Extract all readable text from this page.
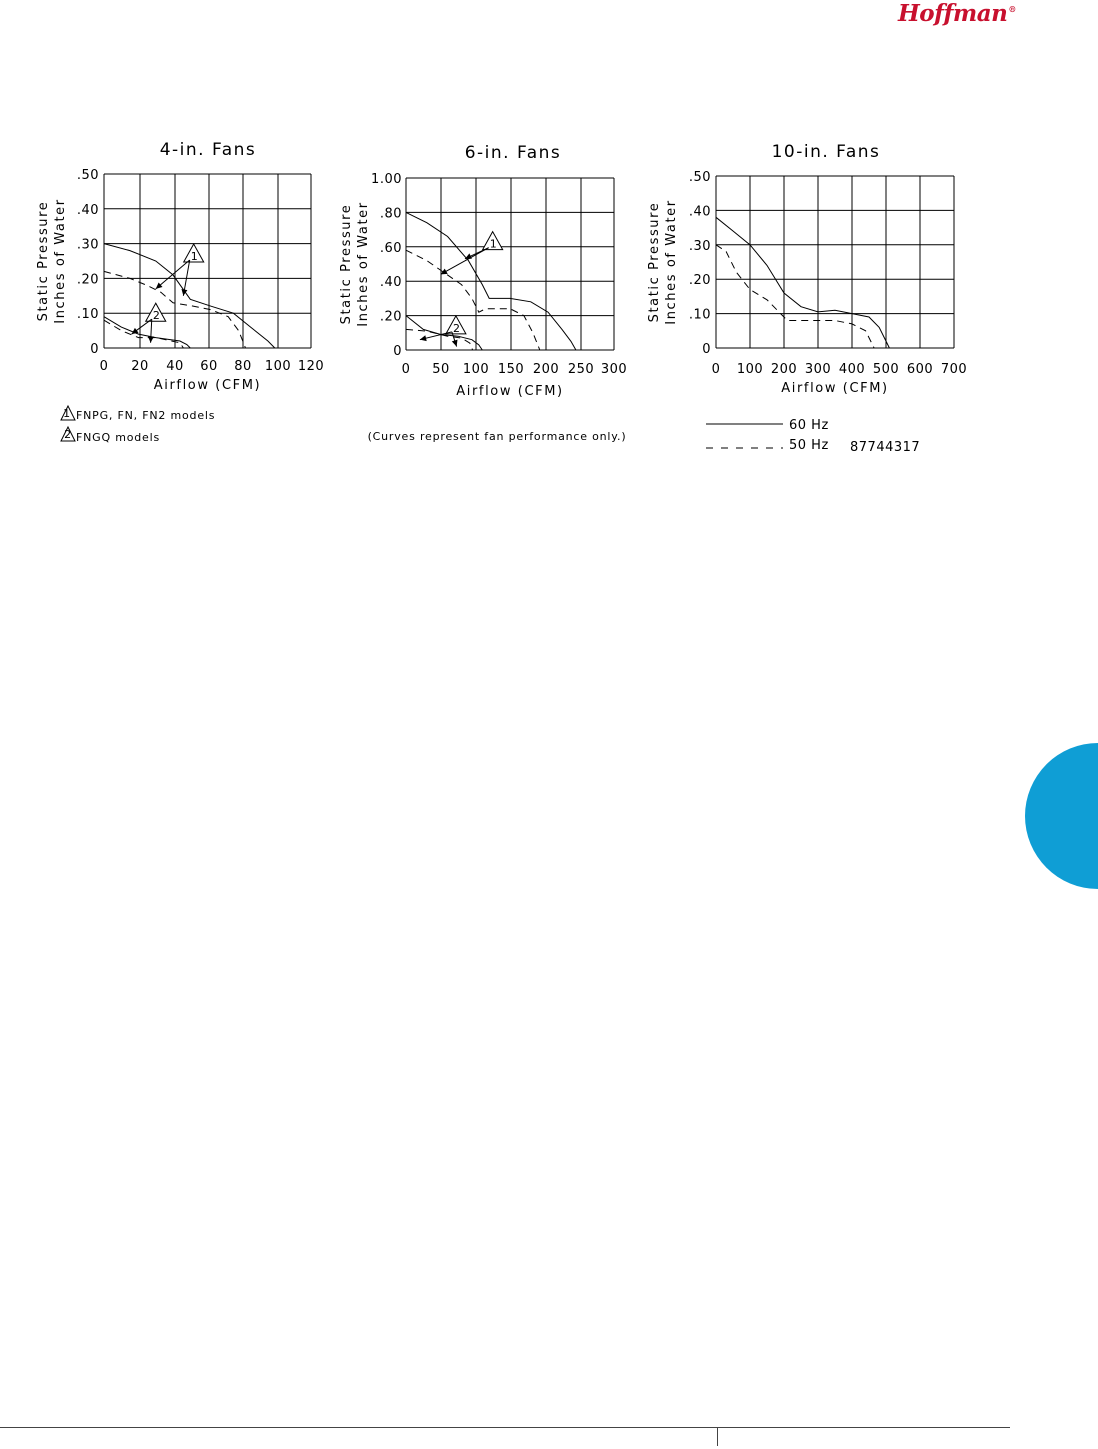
Hoffman®
4-in. Fans
0 20 40 60 80 100 120
0
.10
.20
.30
.40
.50
Airflow (CFM)
Static Pressure Inches of Water	1
2
6-in. Fans
0 50 100 150 200 250 300
0
.20
.40
.60
.80
1.00
Airflow (CFM)
Static Pressure Inches of Water	1
2
10-in. Fans
0 100 200 300 400 500 600 700
0
.10
.20
.30
.40
.50
Airflow (CFM)
Static Pressure Inches of Water
1 FNPG, FN, FN2 models
2 FNGQ models	(Curves represent fan performance only.)
60 Hz
50 Hz 87744317
